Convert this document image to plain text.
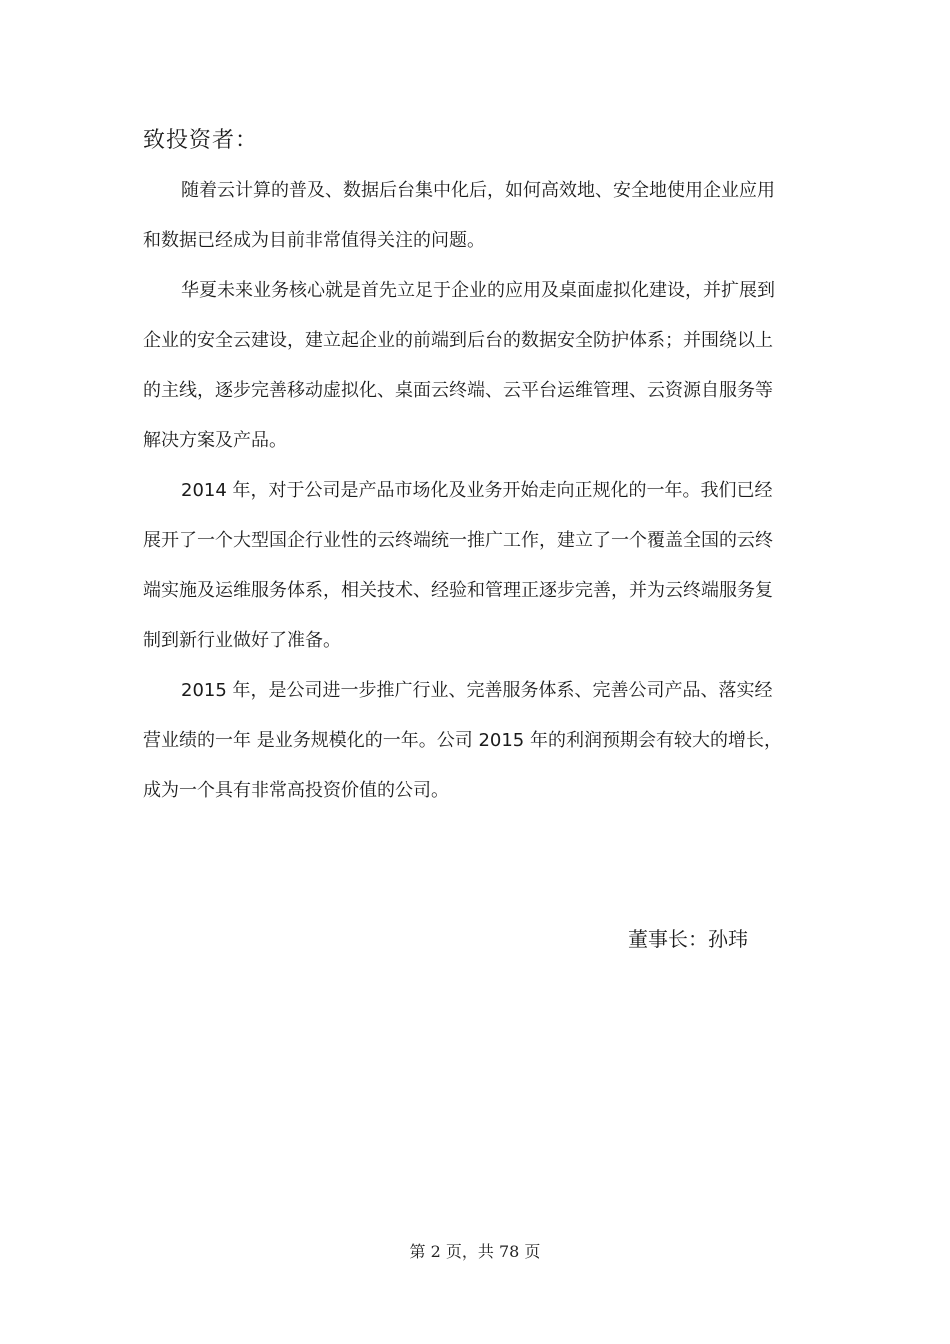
致投资者：
随着云计算的普及、数据后台集中化后，如何高效地、安全地使用企业应用
和数据已经成为目前非常值得关注的问题。
华夏未来业务核心就是首先立足于企业的应用及桌面虚拟化建设，并扩展到
企业的安全云建设，建立起企业的前端到后台的数据安全防护体系；并围绕以上
的主线，逐步完善移动虚拟化、桌面云终端、云平台运维管理、云资源自服务等
解决方案及产品。
2014 年，对于公司是产品市场化及业务开始走向正规化的一年。我们已经
展开了一个大型国企行业性的云终端统一推广工作，建立了一个覆盖全国的云终
端实施及运维服务体系，相关技术、经验和管理正逐步完善，并为云终端服务复
制到新行业做好了准备。
2015 年，是公司进一步推广行业、完善服务体系、完善公司产品、落实经
营业绩的一年 是业务规模化的一年。公司 2015 年的利润预期会有较大的增长，
成为一个具有非常高投资价值的公司。
董事长：孙玮
第 2 页，共 78 页
